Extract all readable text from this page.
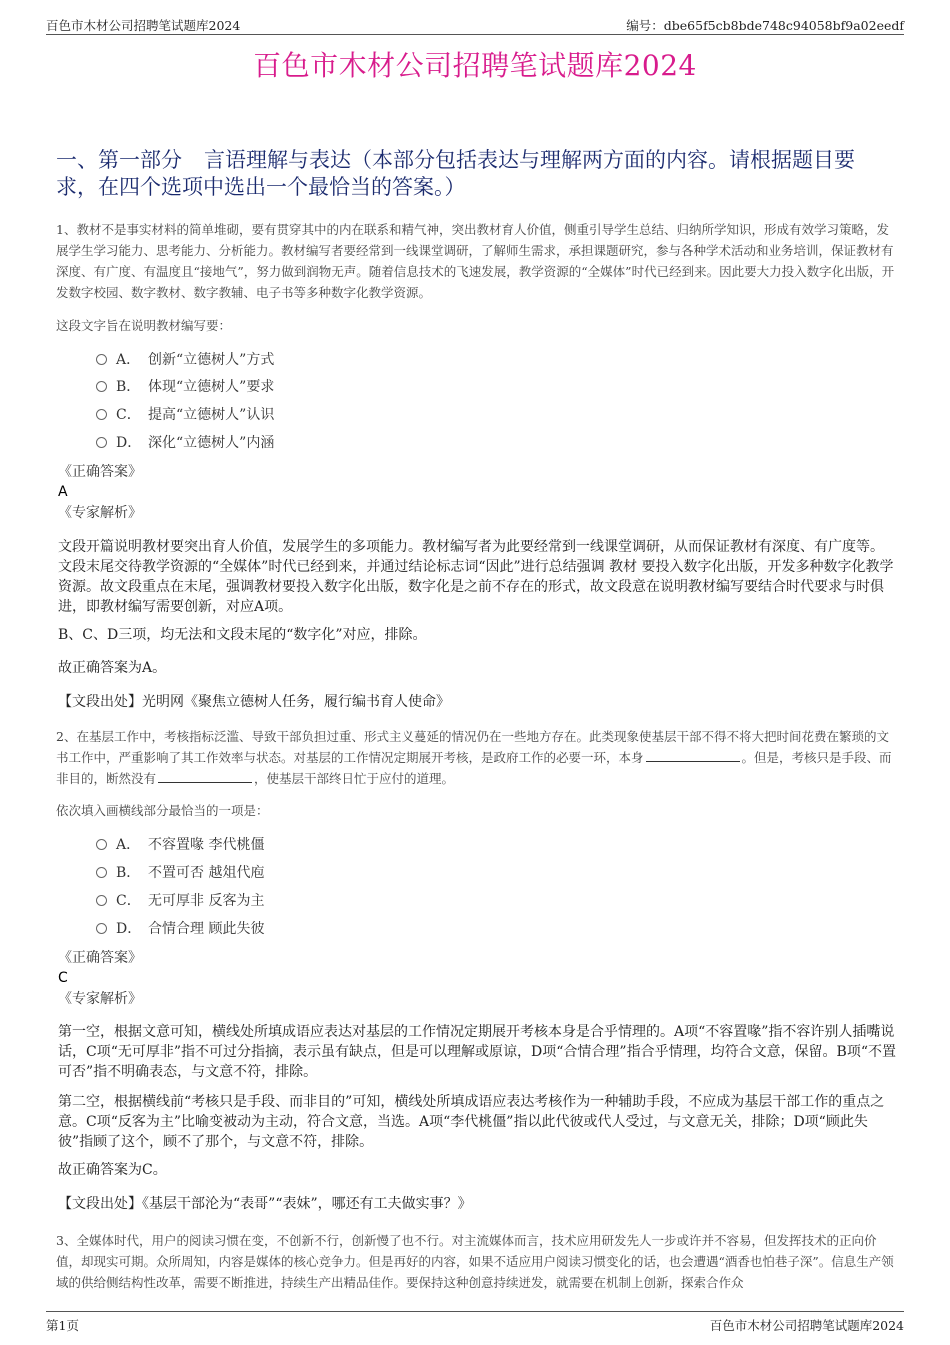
百色市木材公司招聘笔试题库2024	编号：dbe65f5cb8bde748c94058bf9a02eedf
百色市木材公司招聘笔试题库2024
一、第一部分 言语理解与表达（本部分包括表达与理解两方面的内容。请根据题目要求，在四个选项中选出一个最恰当的答案。）
1、教材不是事实材料的简单堆砌，要有贯穿其中的内在联系和精气神，突出教材育人价值，侧重引导学生总结、归纳所学知识，形成有效学习策略，发展学生学习能力、思考能力、分析能力。教材编写者要经常到一线课堂调研，了解师生需求，承担课题研究，参与各种学术活动和业务培训，保证教材有深度、有广度、有温度且“接地气”，努力做到润物无声。随着信息技术的飞速发展，教学资源的“全媒体”时代已经到来。因此要大力投入数字化出版，开发数字校园、数字教材、数字教辅、电子书等多种数字化教学资源。
这段文字旨在说明教材编写要：
A． 创新“立德树人”方式
B． 体现“立德树人”要求
C． 提高“立德树人”认识
D． 深化“立德树人”内涵
《正确答案》
A
《专家解析》
文段开篇说明教材要突出育人价值，发展学生的多项能力。教材编写者为此要经常到一线课堂调研，从而保证教材有深度、有广度等。文段末尾交待教学资源的“全媒体”时代已经到来，并通过结论标志词“因此”进行总结强调 教材 要投入数字化出版，开发多种数字化教学资源。故文段重点在末尾，强调教材要投入数字化出版，数字化是之前不存在的形式，故文段意在说明教材编写要结合时代要求与时俱进，即教材编写需要创新，对应A项。
B、C、D三项，均无法和文段末尾的“数字化”对应，排除。
故正确答案为A。
【文段出处】光明网《聚焦立德树人任务，履行编书育人使命》
2、在基层工作中，考核指标泛滥、导致干部负担过重、形式主义蔓延的情况仍在一些地方存在。此类现象使基层干部不得不将大把时间花费在繁琐的文书工作中，严重影响了其工作效率与状态。对基层的工作情况定期展开考核，是政府工作的必要一环，本身	。但是，考核只是手段、而非目的，断然没有	，使基层干部终日忙于应付的道理。
依次填入画横线部分最恰当的一项是：
A． 不容置喙 李代桃僵
B． 不置可否 越俎代庖
C． 无可厚非 反客为主
D． 合情合理 顾此失彼
《正确答案》
C
《专家解析》
第一空，根据文意可知，横线处所填成语应表达对基层的工作情况定期展开考核本身是合乎情理的。A项“不容置喙”指不容许别人插嘴说话，C项“无可厚非”指不可过分指摘，表示虽有缺点，但是可以理解或原谅，D项“合情合理”指合乎情理，均符合文意，保留。B项“不置可否”指不明确表态，与文意不符，排除。
第二空，根据横线前“考核只是手段、而非目的”可知，横线处所填成语应表达考核作为一种辅助手段，不应成为基层干部工作的重点之意。C项“反客为主”比喻变被动为主动，符合文意，当选。A项“李代桃僵”指以此代彼或代人受过，与文意无关，排除；D项“顾此失彼”指顾了这个，顾不了那个，与文意不符，排除。
故正确答案为C。
【文段出处】《基层干部沦为“表哥”“表妹”，哪还有工夫做实事？》
3、全媒体时代，用户的阅读习惯在变，不创新不行，创新慢了也不行。对主流媒体而言，技术应用研发先人一步或许并不容易，但发挥技术的正向价值，却现实可期。众所周知，内容是媒体的核心竞争力。但是再好的内容，如果不适应用户阅读习惯变化的话，也会遭遇“酒香也怕巷子深”。信息生产领域的供给侧结构性改革，需要不断推进，持续生产出精品佳作。要保持这种创意持续迸发，就需要在机制上创新，探索合作众
第1页	百色市木材公司招聘笔试题库2024
